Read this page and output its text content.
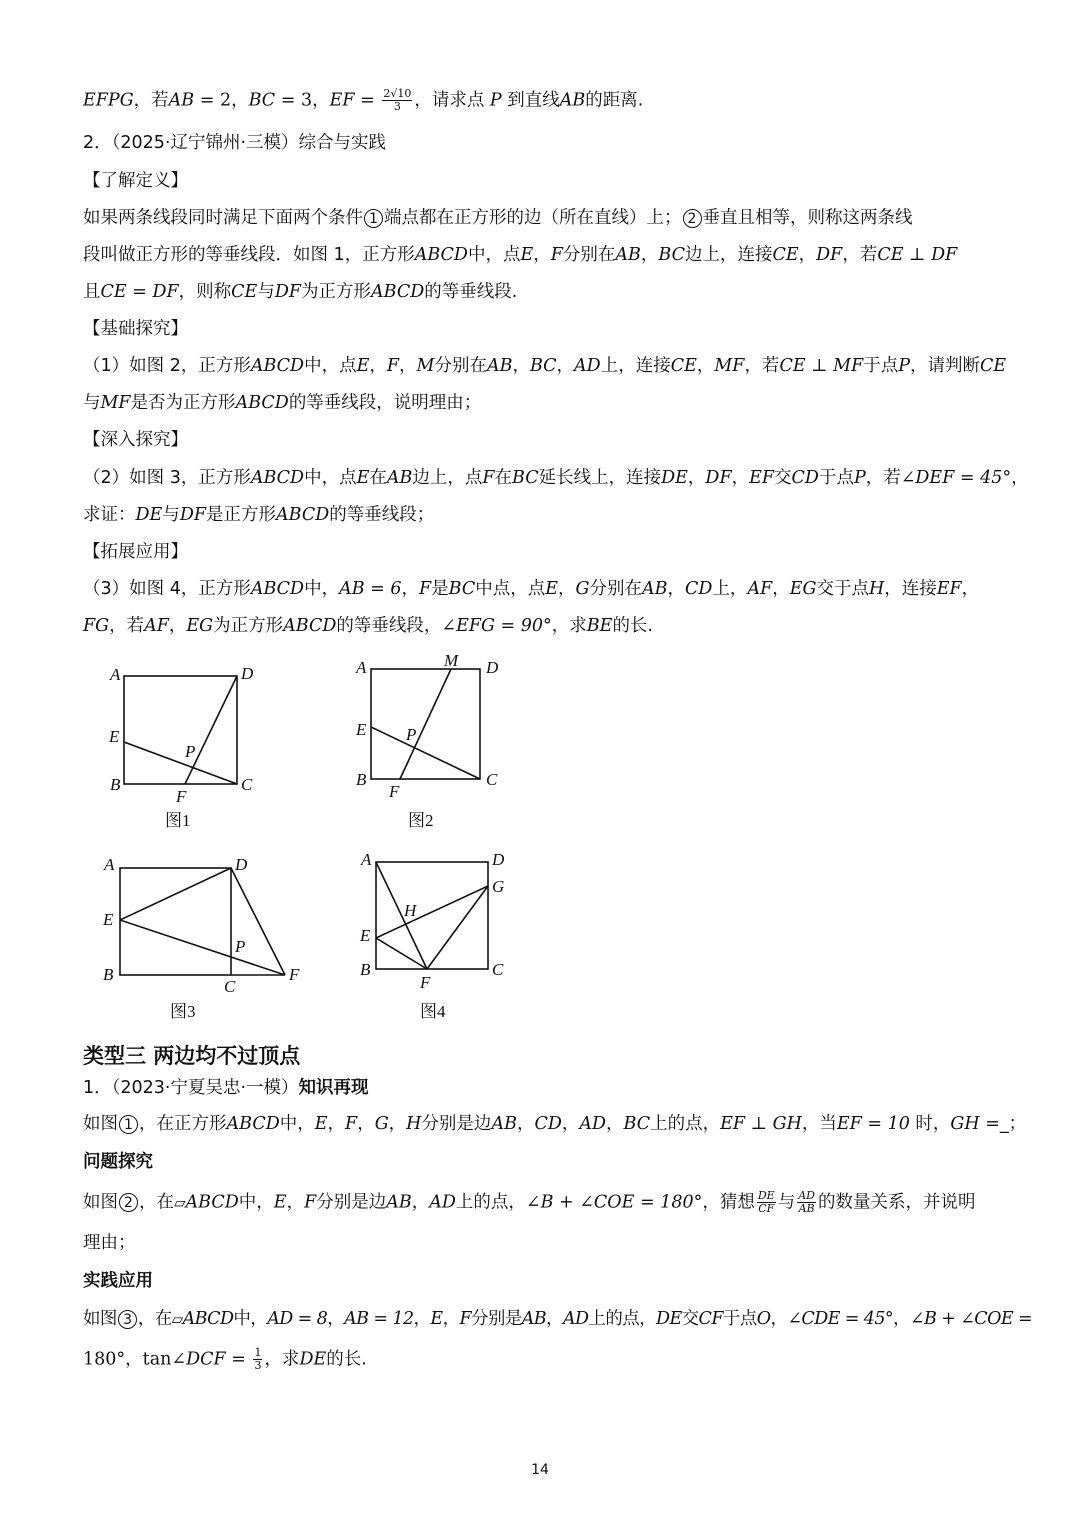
EFPG，若AB = 2，BC = 3，EF = $\frac{2√10}{3}$ ，请求点 P 到直线AB的距离.
2．（2025·辽宁锦州·三模）综合与实践
【了解定义】
如果两条线段同时满足下面两个条件 1 端点都在正方形的边（所在直线）上； 2 垂直且相等，则称这两条线
段叫做正方形的等垂线段．如图 1，正方形ABCD中，点E，F分别在AB，BC边上，连接CE，DF，若CE ⊥ DF
且CE = DF，则称CE与DF为正方形ABCD的等垂线段.
【基础探究】
（1）如图 2，正方形ABCD中，点E，F，M分别在AB，BC，AD上，连接CE，MF，若CE ⊥ MF于点P，请判断CE
与MF是否为正方形ABCD的等垂线段，说明理由；
【深入探究】
（2）如图 3，正方形ABCD中，点E在AB边上，点F在BC延长线上，连接DE，DF，EF交CD于点P，若∠DEF = 45°，
求证：DE与DF是正方形ABCD的等垂线段；
【拓展应用】
（3）如图 4，正方形ABCD中，AB = 6，F是BC中点，点E，G分别在AB，CD上，AF，EG交于点H，连接EF，
FG，若AF，EG为正方形ABCD的等垂线段，∠EFG = 90°，求BE的长.
A	D
E
P
B	C
F
图1
A	M D
E P
B	C
F
图2
A	D
E
P
B	F
C
图3
A	D
G
H
E
B	C
F
图4
类型三 两边均不过顶点
1．（2023·宁夏吴忠·一模）知识再现
如图 1 ，在正方形ABCD中，E，F，G，H分别是边AB，CD，AD，BC上的点，EF ⊥ GH，当EF = 10 时，GH =_；
问题探究
如图 2 ，在▱ABCD中，E，F分别是边AB，AD上的点，∠B + ∠COE = 180°，猜想 $\frac{DE}{CF}$ 与 $\frac{AD}{AB}$ 的数量关系，并说明
理由；
实践应用
如图 3 ，在▱ABCD中，AD = 8，AB = 12，E，F分别是AB，AD上的点，DE交CF于点O，∠CDE = 45°，∠B + ∠COE =
180°，tan∠DCF = $\frac{1}{3}$ ，求DE的长.
14
